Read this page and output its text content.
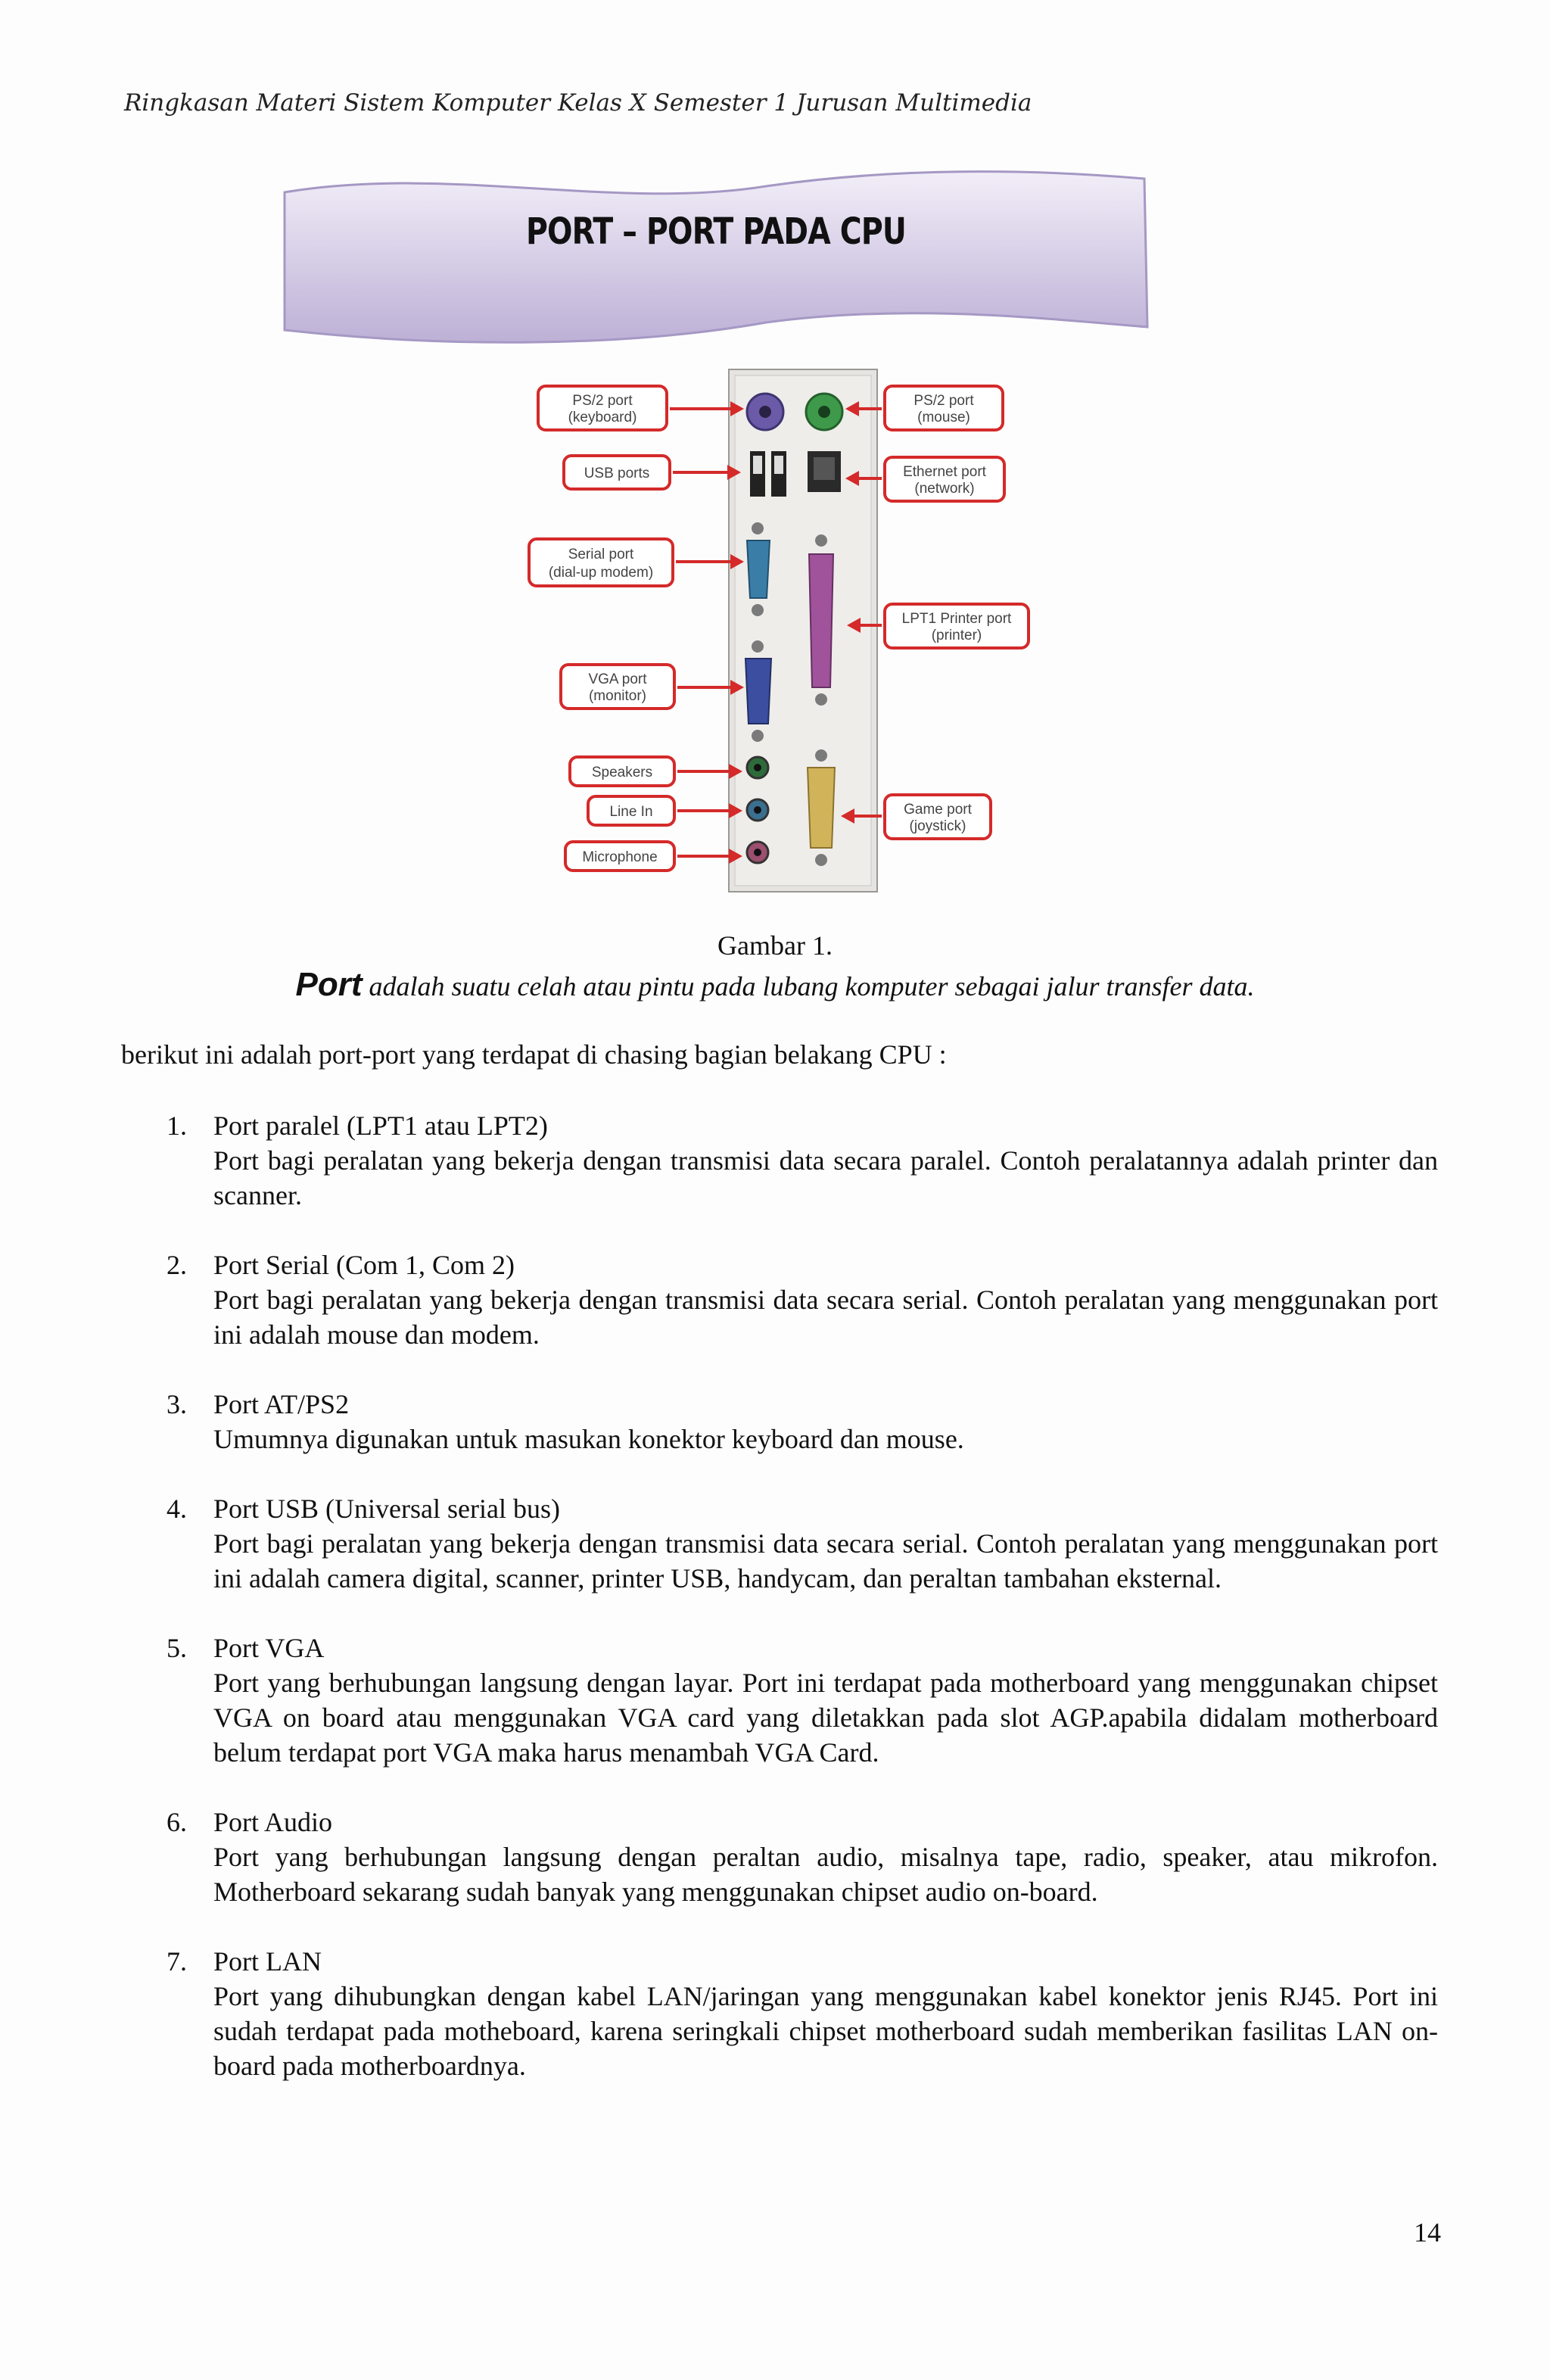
Ringkasan Materi Sistem Komputer Kelas X Semester 1 Jurusan Multimedia
PORT – PORT PADA CPU
PS/2 port
(keyboard)
USB ports
Serial port
(dial-up modem)
VGA port
(monitor)
Speakers
Line In
Microphone
PS/2 port
(mouse)
Ethernet port
(network)
LPT1 Printer port
(printer)
Game port
(joystick)
Gambar 1.
Port adalah suatu celah atau pintu pada lubang komputer sebagai jalur transfer data.
berikut ini adalah port-port yang terdapat di chasing bagian belakang CPU :
1. Port paralel (LPT1 atau LPT2)
Port bagi peralatan yang bekerja dengan transmisi data secara paralel. Contoh peralatannya adalah printer dan scanner.
2. Port Serial (Com 1, Com 2)
Port bagi peralatan yang bekerja dengan transmisi data secara serial. Contoh peralatan yang menggunakan port ini adalah mouse dan modem.
3. Port AT/PS2
Umumnya digunakan untuk masukan konektor keyboard dan mouse.
4. Port USB (Universal serial bus)
Port bagi peralatan yang bekerja dengan transmisi data secara serial. Contoh peralatan yang menggunakan port ini adalah camera digital, scanner, printer USB, handycam, dan peraltan tambahan eksternal.
5. Port VGA
Port yang berhubungan langsung dengan layar. Port ini terdapat pada motherboard yang menggunakan chipset VGA on board atau menggunakan VGA card yang diletakkan pada slot AGP.apabila didalam motherboard belum terdapat port VGA maka harus menambah VGA Card.
6. Port Audio
Port yang berhubungan langsung dengan peraltan audio, misalnya tape, radio, speaker, atau mikrofon. Motherboard sekarang sudah banyak yang menggunakan chipset audio on-board.
7. Port LAN
Port yang dihubungkan dengan kabel LAN/jaringan yang menggunakan kabel konektor jenis RJ45. Port ini sudah terdapat pada motheboard, karena seringkali chipset motherboard sudah memberikan fasilitas LAN on-board pada motherboardnya.
14
